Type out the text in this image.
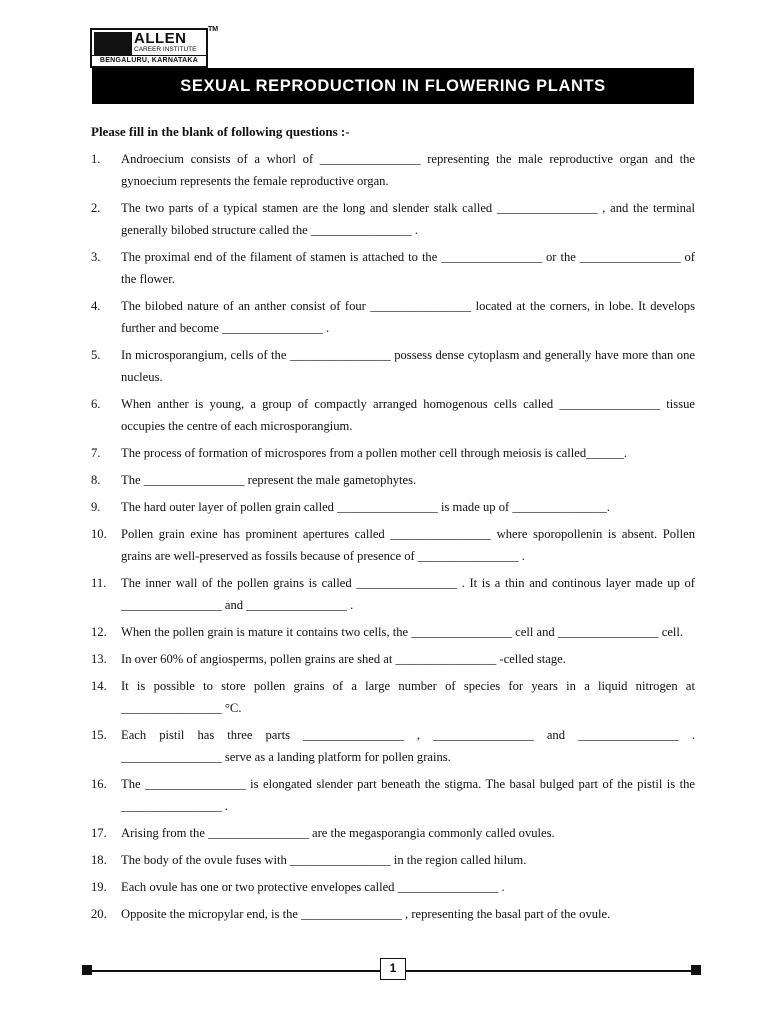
ALLEN
CAREER INSTITUTE
BENGALURU, KARNATAKA
TM
SEXUAL REPRODUCTION IN FLOWERING PLANTS
Please fill in the blank of following questions :-
1. Androecium consists of a whorl of ________________ representing the male reproductive organ and the gynoecium represents the female reproductive organ.
2. The two parts of a typical stamen are the long and slender stalk called ________________ , and the terminal generally bilobed structure called the ________________ .
3. The proximal end of the filament of stamen is attached to the ________________ or the ________________ of the flower.
4. The bilobed nature of an anther consist of four ________________ located at the corners, in lobe. It develops further and become ________________ .
5. In microsporangium, cells of the ________________ possess dense cytoplasm and generally have more than one nucleus.
6. When anther is young, a group of compactly arranged homogenous cells called ________________ tissue occupies the centre of each microsporangium.
7. The process of formation of microspores from a pollen mother cell through meiosis is called______.
8. The ________________ represent the male gametophytes.
9. The hard outer layer of pollen grain called ________________ is made up of _______________.
10. Pollen grain exine has prominent apertures called ________________ where sporopollenin is absent. Pollen grains are well-preserved as fossils because of presence of ________________ .
11. The inner wall of the pollen grains is called ________________ . It is a thin and continous layer made up of ________________ and ________________ .
12. When the pollen grain is mature it contains two cells, the ________________ cell and ________________ cell.
13. In over 60% of angiosperms, pollen grains are shed at ________________ -celled stage.
14. It is possible to store pollen grains of a large number of species for years in a liquid nitrogen at ________________ °C.
15. Each pistil has three parts ________________ , ________________ and ________________ . ________________ serve as a landing platform for pollen grains.
16. The ________________ is elongated slender part beneath the stigma. The basal bulged part of the pistil is the ________________ .
17. Arising from the ________________ are the megasporangia commonly called ovules.
18. The body of the ovule fuses with ________________ in the region called hilum.
19. Each ovule has one or two protective envelopes called ________________ .
20. Opposite the micropylar end, is the ________________ , representing the basal part of the ovule.
1
